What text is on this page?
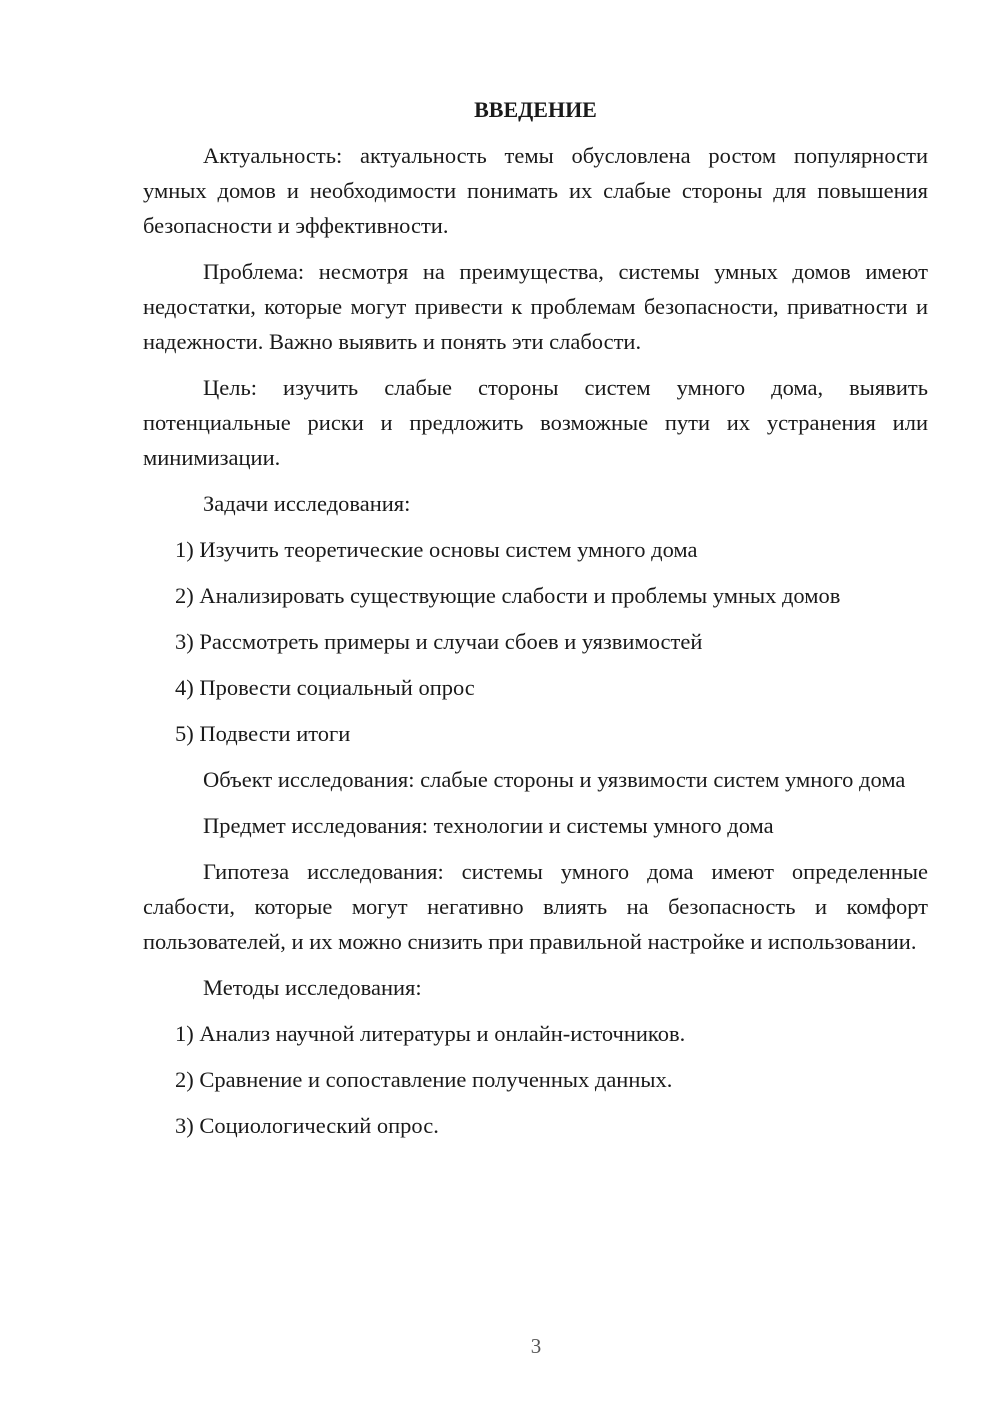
ВВЕДЕНИЕ
Актуальность: актуальность темы обусловлена ростом популярности умных домов и необходимости понимать их слабые стороны для повышения безопасности и эффективности.
Проблема: несмотря на преимущества, системы умных домов имеют недостатки, которые могут привести к проблемам безопасности, приватности и надежности. Важно выявить и понять эти слабости.
Цель: изучить слабые стороны систем умного дома, выявить потенциальные риски и предложить возможные пути их устранения или минимизации.
Задачи исследования:
1) Изучить теоретические основы систем умного дома
2) Анализировать существующие слабости и проблемы умных домов
3) Рассмотреть примеры и случаи сбоев и уязвимостей
4) Провести социальный опрос
5) Подвести итоги
Объект исследования: слабые стороны и уязвимости систем умного дома
Предмет исследования: технологии и системы умного дома
Гипотеза исследования: системы умного дома имеют определенные слабости, которые могут негативно влиять на безопасность и комфорт пользователей, и их можно снизить при правильной настройке и использовании.
Методы исследования:
1) Анализ научной литературы и онлайн-источников.
2) Сравнение и сопоставление полученных данных.
3) Социологический опрос.
3
